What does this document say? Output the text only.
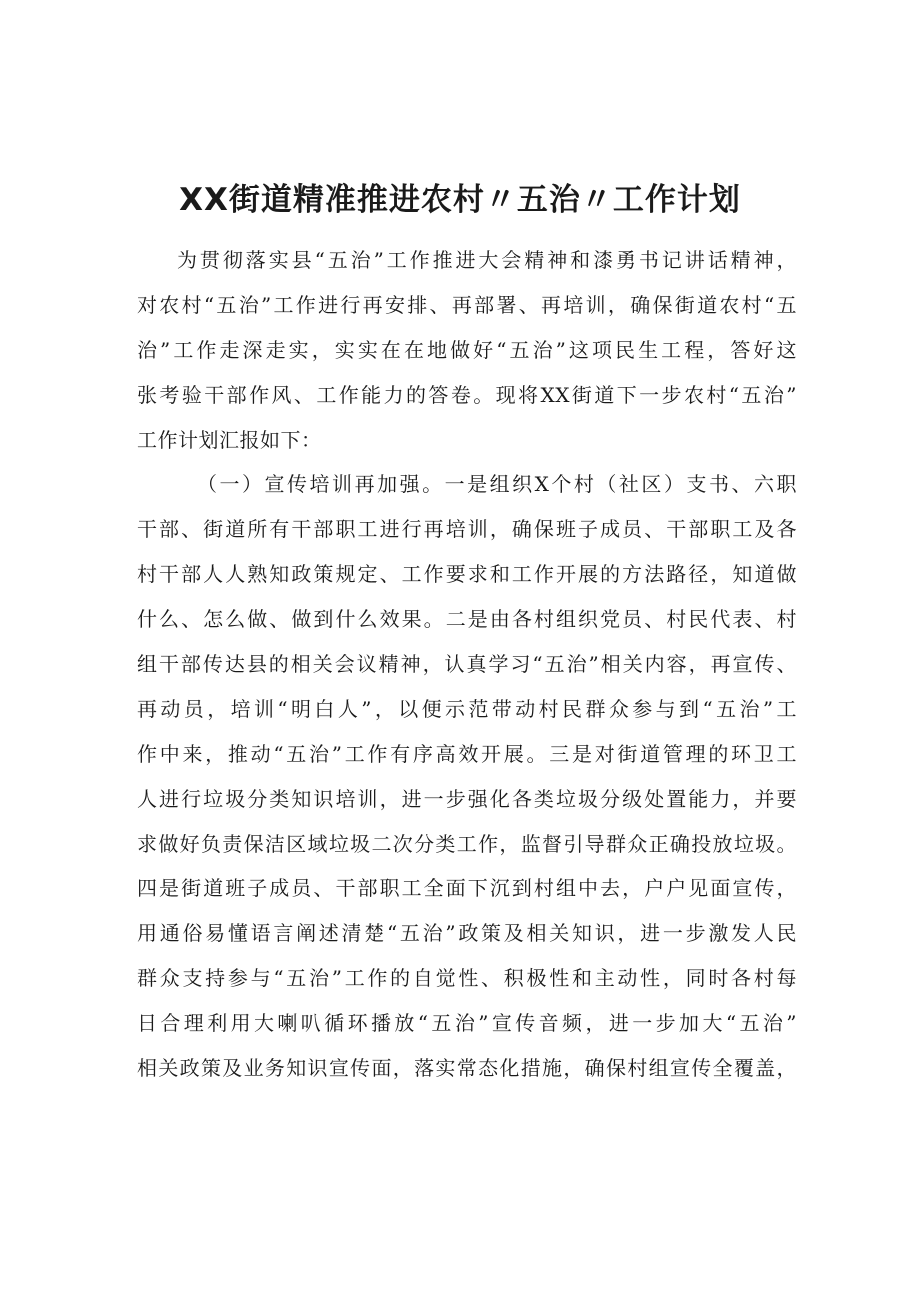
XX街道精准推进农村〃五治〃工作计划
为贯彻落实县“五治”工作推进大会精神和漆勇书记讲话精神，
对农村“五治”工作进行再安排、再部署、再培训，确保街道农村“五
治”工作走深走实，实实在在地做好“五治”这项民生工程，答好这
张考验干部作风、工作能力的答卷。现将XX街道下一步农村“五治”
工作计划汇报如下：
（一）宣传培训再加强。一是组织X个村（社区）支书、六职
干部、街道所有干部职工进行再培训，确保班子成员、干部职工及各
村干部人人熟知政策规定、工作要求和工作开展的方法路径，知道做
什么、怎么做、做到什么效果。二是由各村组织党员、村民代表、村
组干部传达县的相关会议精神，认真学习“五治”相关内容，再宣传、
再动员，培训“明白人”，以便示范带动村民群众参与到“五治”工
作中来，推动“五治”工作有序高效开展。三是对街道管理的环卫工
人进行垃圾分类知识培训，进一步强化各类垃圾分级处置能力，并要
求做好负责保洁区域垃圾二次分类工作，监督引导群众正确投放垃圾。
四是街道班子成员、干部职工全面下沉到村组中去，户户见面宣传，
用通俗易懂语言阐述清楚“五治”政策及相关知识，进一步激发人民
群众支持参与“五治”工作的自觉性、积极性和主动性，同时各村每
日合理利用大喇叭循环播放“五治”宣传音频，进一步加大“五治”
相关政策及业务知识宣传面，落实常态化措施，确保村组宣传全覆盖，
